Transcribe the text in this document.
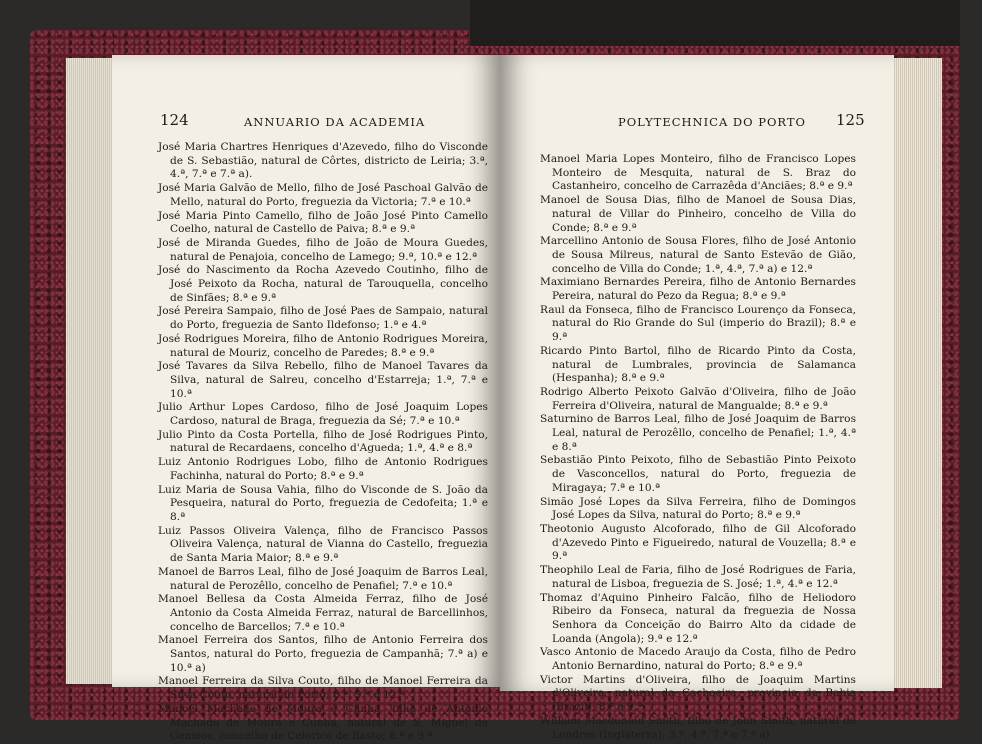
124	ANNUARIO DA ACADEMIA

José Maria Chartres Henriques d'Azevedo, filho do Visconde de S. Sebastião, natural de Côrtes, districto de Leiria; 3.ª, 4.ª, 7.ª e 7.ª a).

José Maria Galvão de Mello, filho de José Paschoal Galvão de Mello, natural do Porto, freguezia da Victoria; 7.ª e 10.ª

José Maria Pinto Camello, filho de João José Pinto Camello Coelho, natural de Castello de Paiva; 8.ª e 9.ª

José de Miranda Guedes, filho de João de Moura Guedes, natural de Penajoia, concelho de Lamego; 9.ª, 10.ª e 12.ª

José do Nascimento da Rocha Azevedo Coutinho, filho de José Peixoto da Rocha, natural de Tarouquella, concelho de Sinfães; 8.ª e 9.ª

José Pereira Sampaio, filho de José Paes de Sampaio, natural do Porto, freguezia de Santo Ildefonso; 1.ª e 4.ª

José Rodrigues Moreira, filho de Antonio Rodrigues Moreira, natural de Mouriz, concelho de Paredes; 8.ª e 9.ª

José Tavares da Silva Rebello, filho de Manoel Tavares da Silva, natural de Salreu, concelho d'Estarreja; 1.ª, 7.ª e 10.ª

Julio Arthur Lopes Cardoso, filho de José Joaquim Lopes Cardoso, natural de Braga, freguezia da Sé; 7.ª e 10.ª

Julio Pinto da Costa Portella, filho de José Rodrigues Pinto, natural de Recardaens, concelho d'Agueda; 1.ª, 4.ª e 8.ª

Luiz Antonio Rodrigues Lobo, filho de Antonio Rodrigues Fachinha, natural do Porto; 8.ª e 9.ª

Luiz Maria de Sousa Vahia, filho do Visconde de S. João da Pesqueira, natural do Porto, freguezia de Cedofeita; 1.ª e 8.ª

Luiz Passos Oliveira Valença, filho de Francisco Passos Oliveira Valença, natural de Vianna do Castello, freguezia de Santa Maria Maior; 8.ª e 9.ª

Manoel de Barros Leal, filho de José Joaquim de Barros Leal, natural de Perozêllo, concelho de Penafiel; 7.ª e 10.ª

Manoel Bellesa da Costa Almeida Ferraz, filho de José Antonio da Costa Almeida Ferraz, natural de Barcellinhos, concelho de Barcellos; 7.ª e 10.ª

Manoel Ferreira dos Santos, filho de Antonio Ferreira dos Santos, natural do Porto, freguezia de Campanhã; 7.ª a) e 10.ª a)

Manoel Ferreira da Silva Couto, filho de Manoel Ferreira da Silva Couto, natural do Porto; 8.ª, 9.ª e 12.ª

Manoel Machado de Moura e Cunha, filho de Antonio Machado de Moura e Cunha, natural de S. Miguel de Gemeos, concelho de Celorico de Basto; 8.ª e 9.ª

POLYTECHNICA DO PORTO 125

Manoel Maria Lopes Monteiro, filho de Francisco Lopes Monteiro de Mesquita, natural de S. Braz do Castanheiro, concelho de Carrazêda d'Anciães; 8.ª e 9.ª

Manoel de Sousa Dias, filho de Manoel de Sousa Dias, natural de Villar do Pinheiro, concelho de Villa do Conde; 8.ª e 9.ª

Marcellino Antonio de Sousa Flores, filho de José Antonio de Sousa Milreus, natural de Santo Estevão de Gião, concelho de Villa do Conde; 1.ª, 4.ª, 7.ª a) e 12.ª

Maximiano Bernardes Pereira, filho de Antonio Bernardes Pereira, natural do Pezo da Regua; 8.ª e 9.ª

Raul da Fonseca, filho de Francisco Lourenço da Fonseca, natural do Rio Grande do Sul (imperio do Brazil); 8.ª e 9.ª

Ricardo Pinto Bartol, filho de Ricardo Pinto da Costa, natural de Lumbrales, provincia de Salamanca (Hespanha); 8.ª e 9.ª

Rodrigo Alberto Peixoto Galvão d'Oliveira, filho de João Ferreira d'Oliveira, natural de Mangualde; 8.ª e 9.ª

Saturnino de Barros Leal, filho de José Joaquim de Barros Leal, natural de Perozêllo, concelho de Penafiel; 1.ª, 4.ª e 8.ª

Sebastião Pinto Peixoto, filho de Sebastião Pinto Peixoto de Vasconcellos, natural do Porto, freguezia de Miragaya; 7.ª e 10.ª

Simão José Lopes da Silva Ferreira, filho de Domingos José Lopes da Silva, natural do Porto; 8.ª e 9.ª

Theotonio Augusto Alcoforado, filho de Gil Alcoforado d'Azevedo Pinto e Figueiredo, natural de Vouzella; 8.ª e 9.ª

Theophilo Leal de Faria, filho de José Rodrigues de Faria, natural de Lisboa, freguezia de S. José; 1.ª, 4.ª e 12.ª

Thomaz d'Aquino Pinheiro Falcão, filho de Heliodoro Ribeiro da Fonseca, natural da freguezia de Nossa Senhora da Conceição do Bairro Alto da cidade de Loanda (Angola); 9.ª e 12.ª

Vasco Antonio de Macedo Araujo da Costa, filho de Pedro Antonio Bernardino, natural do Porto; 8.ª e 9.ª

Victor Martins d'Oliveira, filho de Joaquim Martins d'Oliveira, natural da Cachoeira, provincia da Bahia (Brazil); 8.ª e 9.ª

William Macdonald Smith, filho de John Smith, natural de Londres (Inglaterra); 3.ª, 4.ª, 7.ª e 7.ª a)
